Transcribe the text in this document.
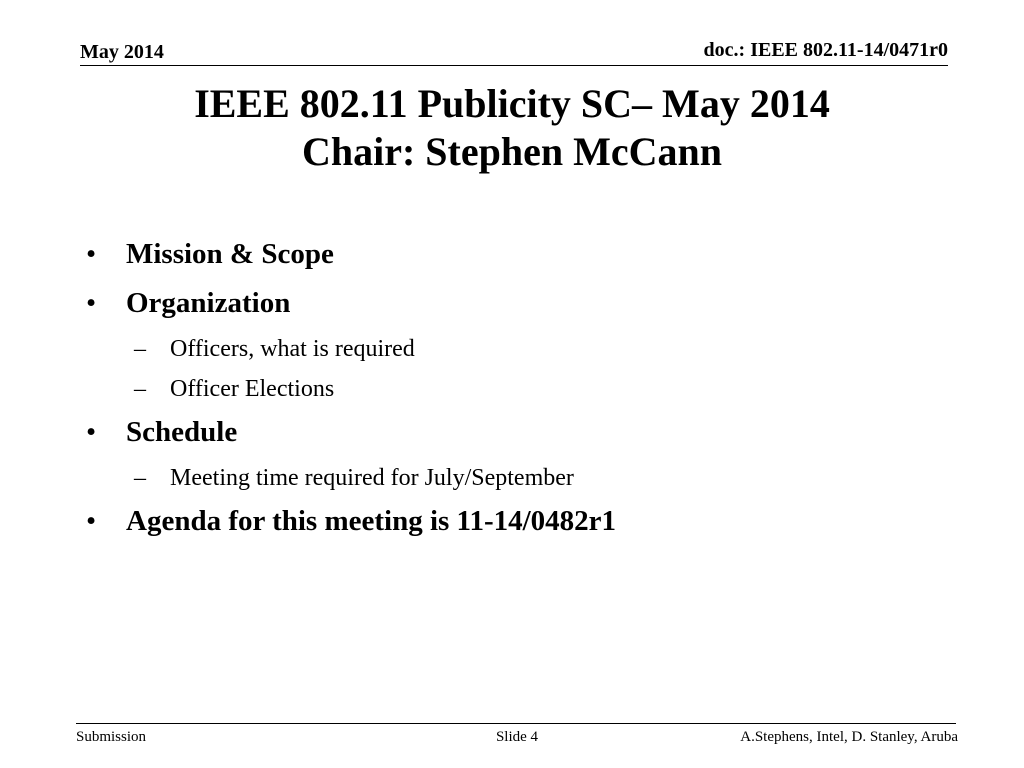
May 2014	doc.: IEEE 802.11-14/0471r0
IEEE 802.11 Publicity SC– May 2014
Chair: Stephen McCann
• Mission & Scope
• Organization
– Officers, what is required
– Officer Elections
• Schedule
– Meeting time required for July/September
• Agenda for this meeting is 11-14/0482r1
Submission	Slide 4	A.Stephens, Intel, D. Stanley, Aruba
